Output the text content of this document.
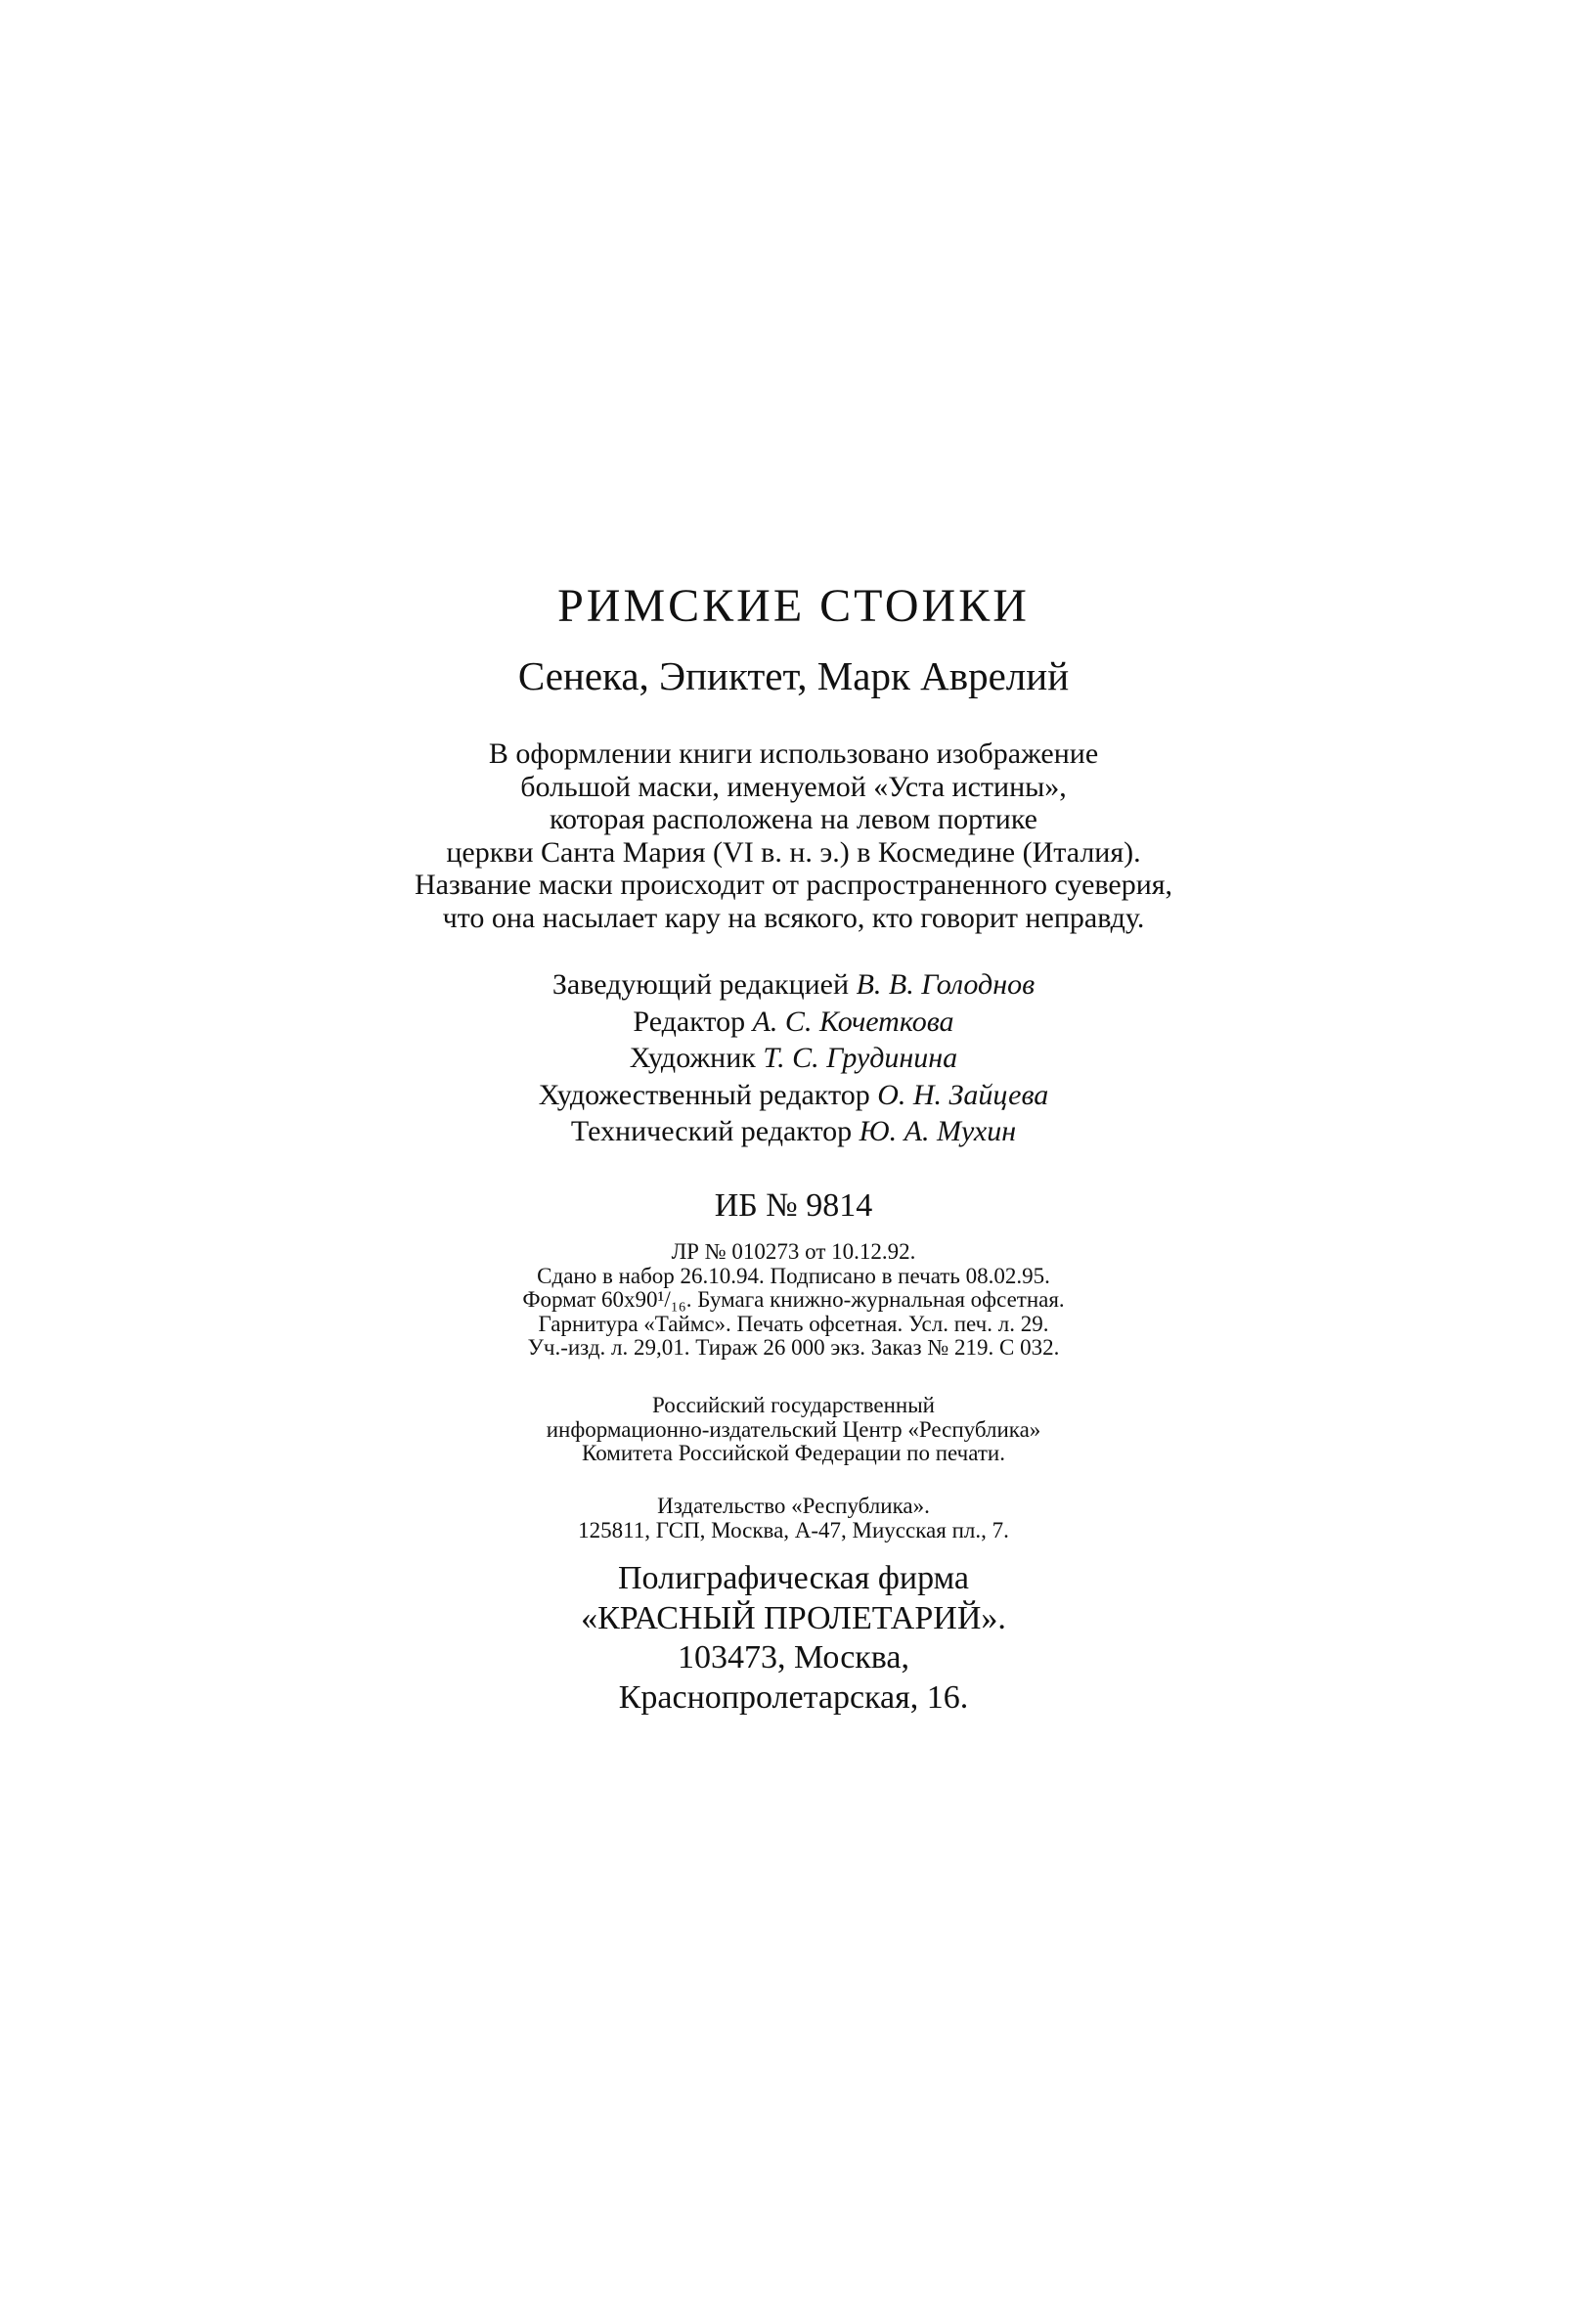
РИМСКИЕ СТОИКИ
Сенека, Эпиктет, Марк Аврелий
В оформлении книги использовано изображение
большой маски, именуемой «Уста истины»,
которая расположена на левом портике
церкви Санта Мария (VI в. н. э.) в Космедине (Италия).
Название маски происходит от распространенного суеверия,
что она насылает кару на всякого, кто говорит неправду.
Заведующий редакцией В. В. Голоднов
Редактор А. С. Кочеткова
Художник Т. С. Грудинина
Художественный редактор О. Н. Зайцева
Технический редактор Ю. А. Мухин
ИБ № 9814
ЛР № 010273 от 10.12.92.
Сдано в набор 26.10.94. Подписано в печать 08.02.95.
Формат 60x90¹/₁₆. Бумага книжно-журнальная офсетная.
Гарнитура «Таймс». Печать офсетная. Усл. печ. л. 29.
Уч.-изд. л. 29,01. Тираж 26 000 экз. Заказ № 219. С 032.
Российский государственный
информационно-издательский Центр «Республика»
Комитета Российской Федерации по печати.
Издательство «Республика».
125811, ГСП, Москва, А-47, Миусская пл., 7.
Полиграфическая фирма
«КРАСНЫЙ ПРОЛЕТАРИЙ».
103473, Москва,
Краснопролетарская, 16.
